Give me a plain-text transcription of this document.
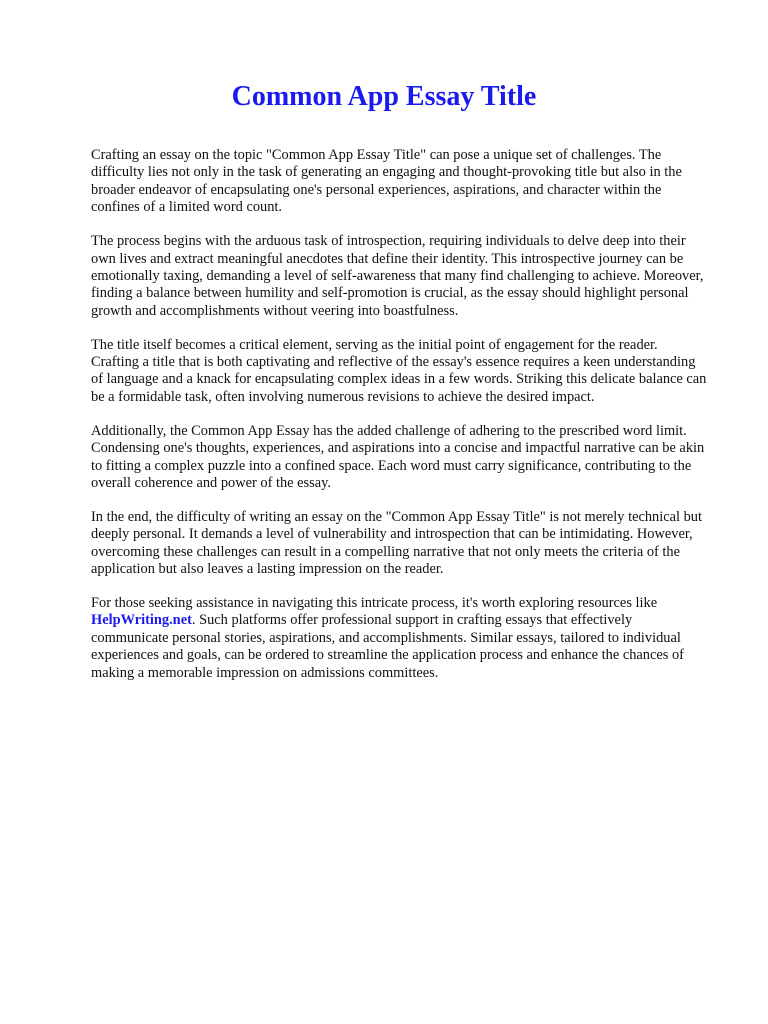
Common App Essay Title

Crafting an essay on the topic "Common App Essay Title" can pose a unique set of challenges. The difficulty lies not only in the task of generating an engaging and thought-provoking title but also in the broader endeavor of encapsulating one's personal experiences, aspirations, and character within the confines of a limited word count.

The process begins with the arduous task of introspection, requiring individuals to delve deep into their own lives and extract meaningful anecdotes that define their identity. This introspective journey can be emotionally taxing, demanding a level of self-awareness that many find challenging to achieve. Moreover, finding a balance between humility and self-promotion is crucial, as the essay should highlight personal growth and accomplishments without veering into boastfulness.

The title itself becomes a critical element, serving as the initial point of engagement for the reader. Crafting a title that is both captivating and reflective of the essay's essence requires a keen understanding of language and a knack for encapsulating complex ideas in a few words. Striking this delicate balance can be a formidable task, often involving numerous revisions to achieve the desired impact.

Additionally, the Common App Essay has the added challenge of adhering to the prescribed word limit. Condensing one's thoughts, experiences, and aspirations into a concise and impactful narrative can be akin to fitting a complex puzzle into a confined space. Each word must carry significance, contributing to the overall coherence and power of the essay.

In the end, the difficulty of writing an essay on the "Common App Essay Title" is not merely technical but deeply personal. It demands a level of vulnerability and introspection that can be intimidating. However, overcoming these challenges can result in a compelling narrative that not only meets the criteria of the application but also leaves a lasting impression on the reader.

For those seeking assistance in navigating this intricate process, it's worth exploring resources like HelpWriting.net. Such platforms offer professional support in crafting essays that effectively communicate personal stories, aspirations, and accomplishments. Similar essays, tailored to individual experiences and goals, can be ordered to streamline the application process and enhance the chances of making a memorable impression on admissions committees.
